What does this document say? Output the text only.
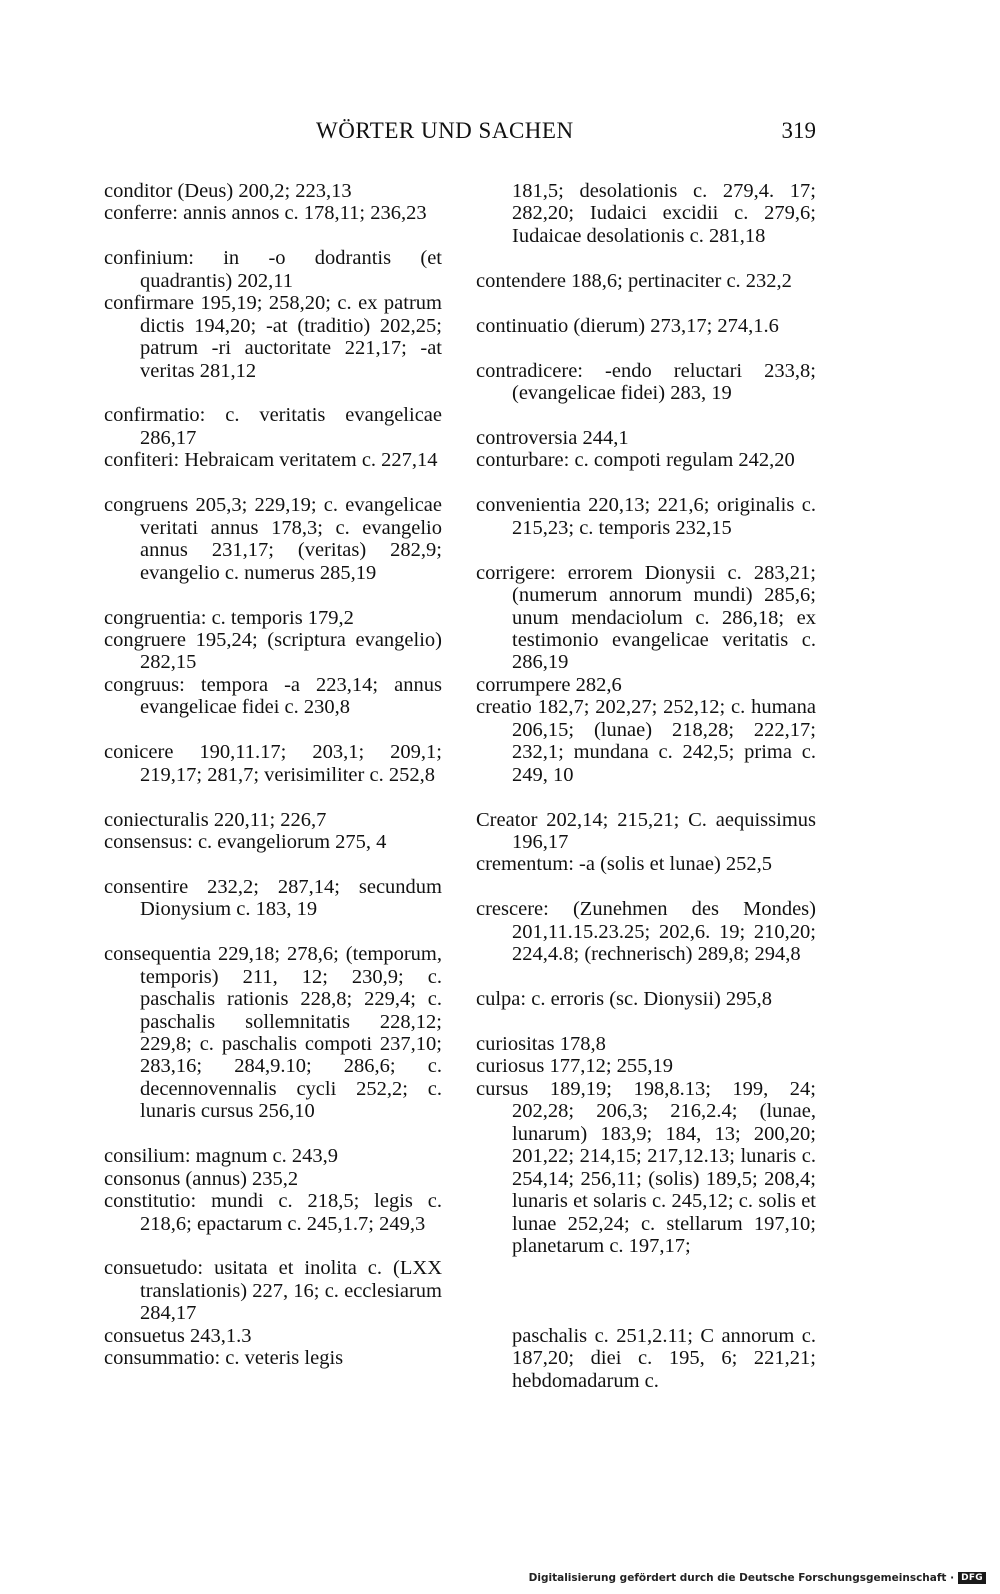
WÖRTER UND SACHEN	319
conditor (Deus) 200,2; 223,13
conferre: annis annos c. 178,11; 236,23
confinium: in -o dodrantis (et quadrantis) 202,11
confirmare 195,19; 258,20; c. ex patrum dictis 194,20; -at (traditio) 202,25; patrum -ri auctoritate 221,17; -at veritas 281,12
confirmatio: c. veritatis evangelicae 286,17
confiteri: Hebraicam veritatem c. 227,14
congruens 205,3; 229,19; c. evangelicae veritati annus 178,3; c. evangelio annus 231,17; (veritas) 282,9; evangelio c. numerus 285,19
congruentia: c. temporis 179,2
congruere 195,24; (scriptura evangelio) 282,15
congruus: tempora -a 223,14; annus evangelicae fidei c. 230,8
conicere 190,11.17; 203,1; 209,1; 219,17; 281,7; verisimiliter c. 252,8
coniecturalis 220,11; 226,7
consensus: c. evangeliorum 275, 4
consentire 232,2; 287,14; secundum Dionysium c. 183, 19
consequentia 229,18; 278,6; (temporum, temporis) 211, 12; 230,9; c. paschalis rationis 228,8; 229,4; c. paschalis sollemnitatis 228,12; 229,8; c. paschalis compoti 237,10; 283,16; 284,9.10; 286,6; c. decennovennalis cycli 252,2; c. lunaris cursus 256,10
consilium: magnum c. 243,9
consonus (annus) 235,2
constitutio: mundi c. 218,5; legis c. 218,6; epactarum c. 245,1.7; 249,3
consuetudo: usitata et inolita c. (LXX translationis) 227, 16; c. ecclesiarum 284,17
consuetus 243,1.3
consummatio: c. veteris legis
181,5; desolationis c. 279,4. 17; 282,20; Iudaici excidii c. 279,6; Iudaicae desolationis c. 281,18
contendere 188,6; pertinaciter c. 232,2
continuatio (dierum) 273,17; 274,1.6
contradicere: -endo reluctari 233,8; (evangelicae fidei) 283, 19
controversia 244,1
conturbare: c. compoti regulam 242,20
convenientia 220,13; 221,6; originalis c. 215,23; c. temporis 232,15
corrigere: errorem Dionysii c. 283,21; (numerum annorum mundi) 285,6; unum mendaciolum c. 286,18; ex testimonio evangelicae veritatis c. 286,19
corrumpere 282,6
creatio 182,7; 202,27; 252,12; c. humana 206,15; (lunae) 218,28; 222,17; 232,1; mundana c. 242,5; prima c. 249, 10
Creator 202,14; 215,21; C. aequissimus 196,17
crementum: -a (solis et lunae) 252,5
crescere: (Zunehmen des Mondes) 201,11.15.23.25; 202,6. 19; 210,20; 224,4.8; (rechnerisch) 289,8; 294,8
culpa: c. erroris (sc. Dionysii) 295,8
curiositas 178,8
curiosus 177,12; 255,19
cursus 189,19; 198,8.13; 199, 24; 202,28; 206,3; 216,2.4; (lunae, lunarum) 183,9; 184, 13; 200,20; 201,22; 214,15; 217,12.13; lunaris c. 254,14; 256,11; (solis) 189,5; 208,4; lunaris et solaris c. 245,12; c. solis et lunae 252,24; c. stellarum 197,10; planetarum c. 197,17;
paschalis c. 251,2.11; C annorum c. 187,20; diei c. 195, 6; 221,21; hebdomadarum c.
Digitalisierung gefördert durch die Deutsche Forschungsgemeinschaft · DFG
